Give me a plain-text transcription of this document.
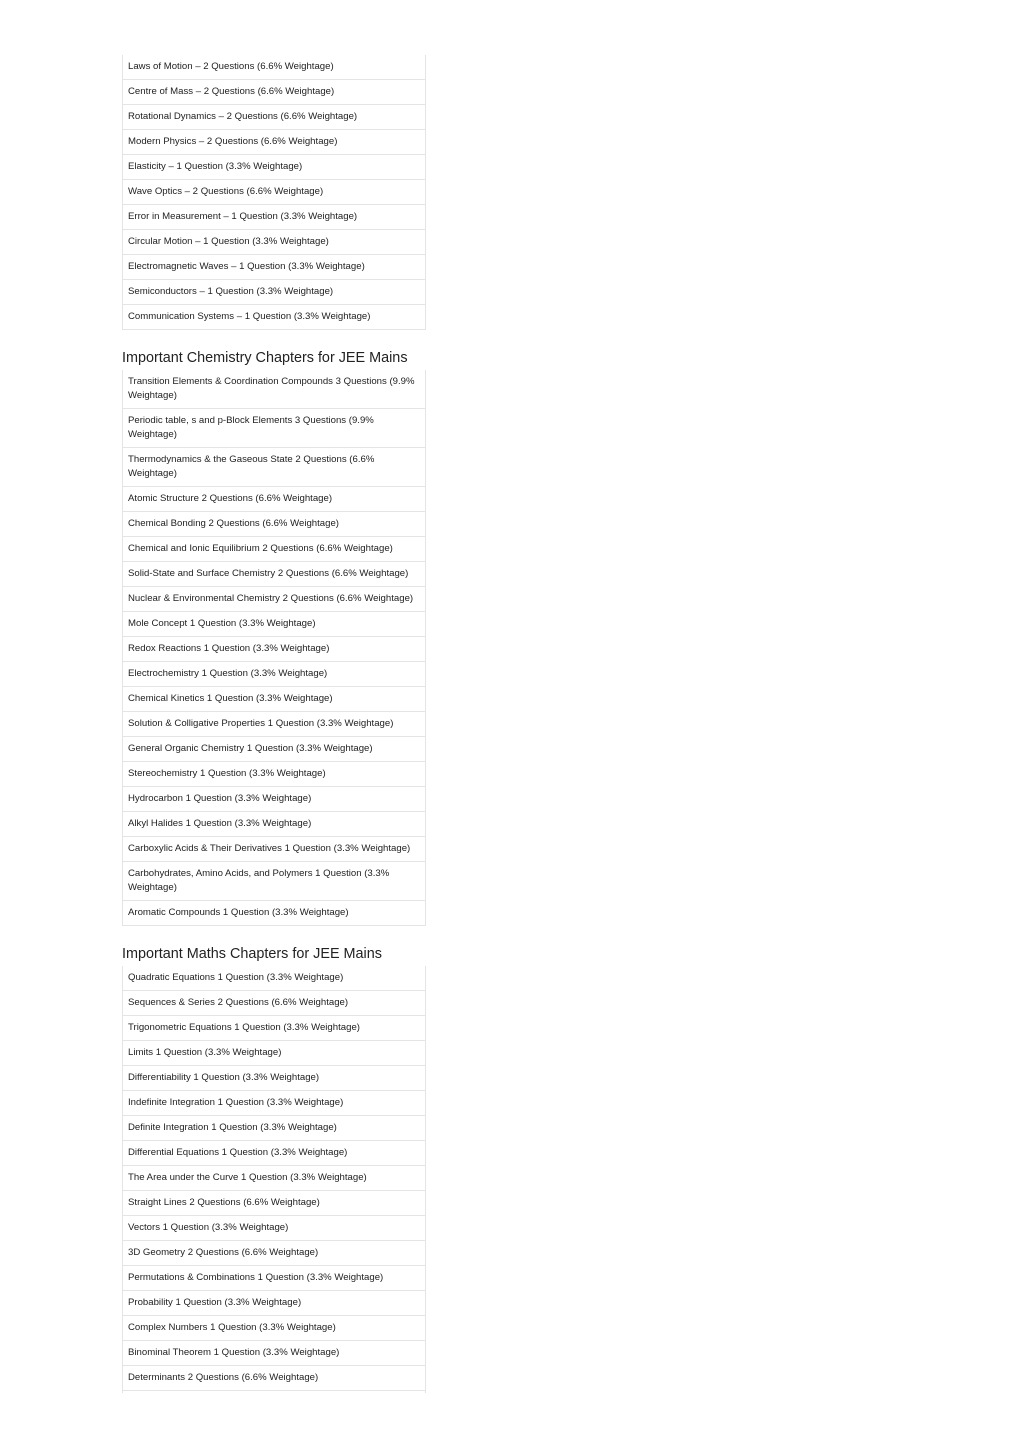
Laws of Motion – 2 Questions (6.6% Weightage)
Centre of Mass – 2 Questions (6.6% Weightage)
Rotational Dynamics – 2 Questions (6.6% Weightage)
Modern Physics – 2 Questions (6.6% Weightage)
Elasticity – 1 Question (3.3% Weightage)
Wave Optics – 2 Questions (6.6% Weightage)
Error in Measurement – 1 Question (3.3% Weightage)
Circular Motion – 1 Question (3.3% Weightage)
Electromagnetic Waves – 1 Question (3.3% Weightage)
Semiconductors – 1 Question (3.3% Weightage)
Communication Systems – 1 Question (3.3% Weightage)
Important Chemistry Chapters for JEE Mains
Transition Elements & Coordination Compounds 3 Questions (9.9% Weightage)
Periodic table, s and p-Block Elements 3 Questions (9.9% Weightage)
Thermodynamics & the Gaseous State 2 Questions (6.6% Weightage)
Atomic Structure 2 Questions (6.6% Weightage)
Chemical Bonding 2 Questions (6.6% Weightage)
Chemical and Ionic Equilibrium 2 Questions (6.6% Weightage)
Solid-State and Surface Chemistry 2 Questions (6.6% Weightage)
Nuclear & Environmental Chemistry 2 Questions (6.6% Weightage)
Mole Concept 1 Question (3.3% Weightage)
Redox Reactions 1 Question (3.3% Weightage)
Electrochemistry 1 Question (3.3% Weightage)
Chemical Kinetics 1 Question (3.3% Weightage)
Solution & Colligative Properties 1 Question (3.3% Weightage)
General Organic Chemistry 1 Question (3.3% Weightage)
Stereochemistry 1 Question (3.3% Weightage)
Hydrocarbon 1 Question (3.3% Weightage)
Alkyl Halides 1 Question (3.3% Weightage)
Carboxylic Acids & Their Derivatives 1 Question (3.3% Weightage)
Carbohydrates, Amino Acids, and Polymers 1 Question (3.3% Weightage)
Aromatic Compounds 1 Question (3.3% Weightage)
Important Maths Chapters for JEE Mains
Quadratic Equations 1 Question (3.3% Weightage)
Sequences & Series 2 Questions (6.6% Weightage)
Trigonometric Equations 1 Question (3.3% Weightage)
Limits 1 Question (3.3% Weightage)
Differentiability 1 Question (3.3% Weightage)
Indefinite Integration 1 Question (3.3% Weightage)
Definite Integration 1 Question (3.3% Weightage)
Differential Equations 1 Question (3.3% Weightage)
The Area under the Curve 1 Question (3.3% Weightage)
Straight Lines 2 Questions (6.6% Weightage)
Vectors 1 Question (3.3% Weightage)
3D Geometry 2 Questions (6.6% Weightage)
Permutations & Combinations 1 Question (3.3% Weightage)
Probability 1 Question (3.3% Weightage)
Complex Numbers 1 Question (3.3% Weightage)
Binominal Theorem 1 Question (3.3% Weightage)
Determinants 2 Questions (6.6% Weightage)
